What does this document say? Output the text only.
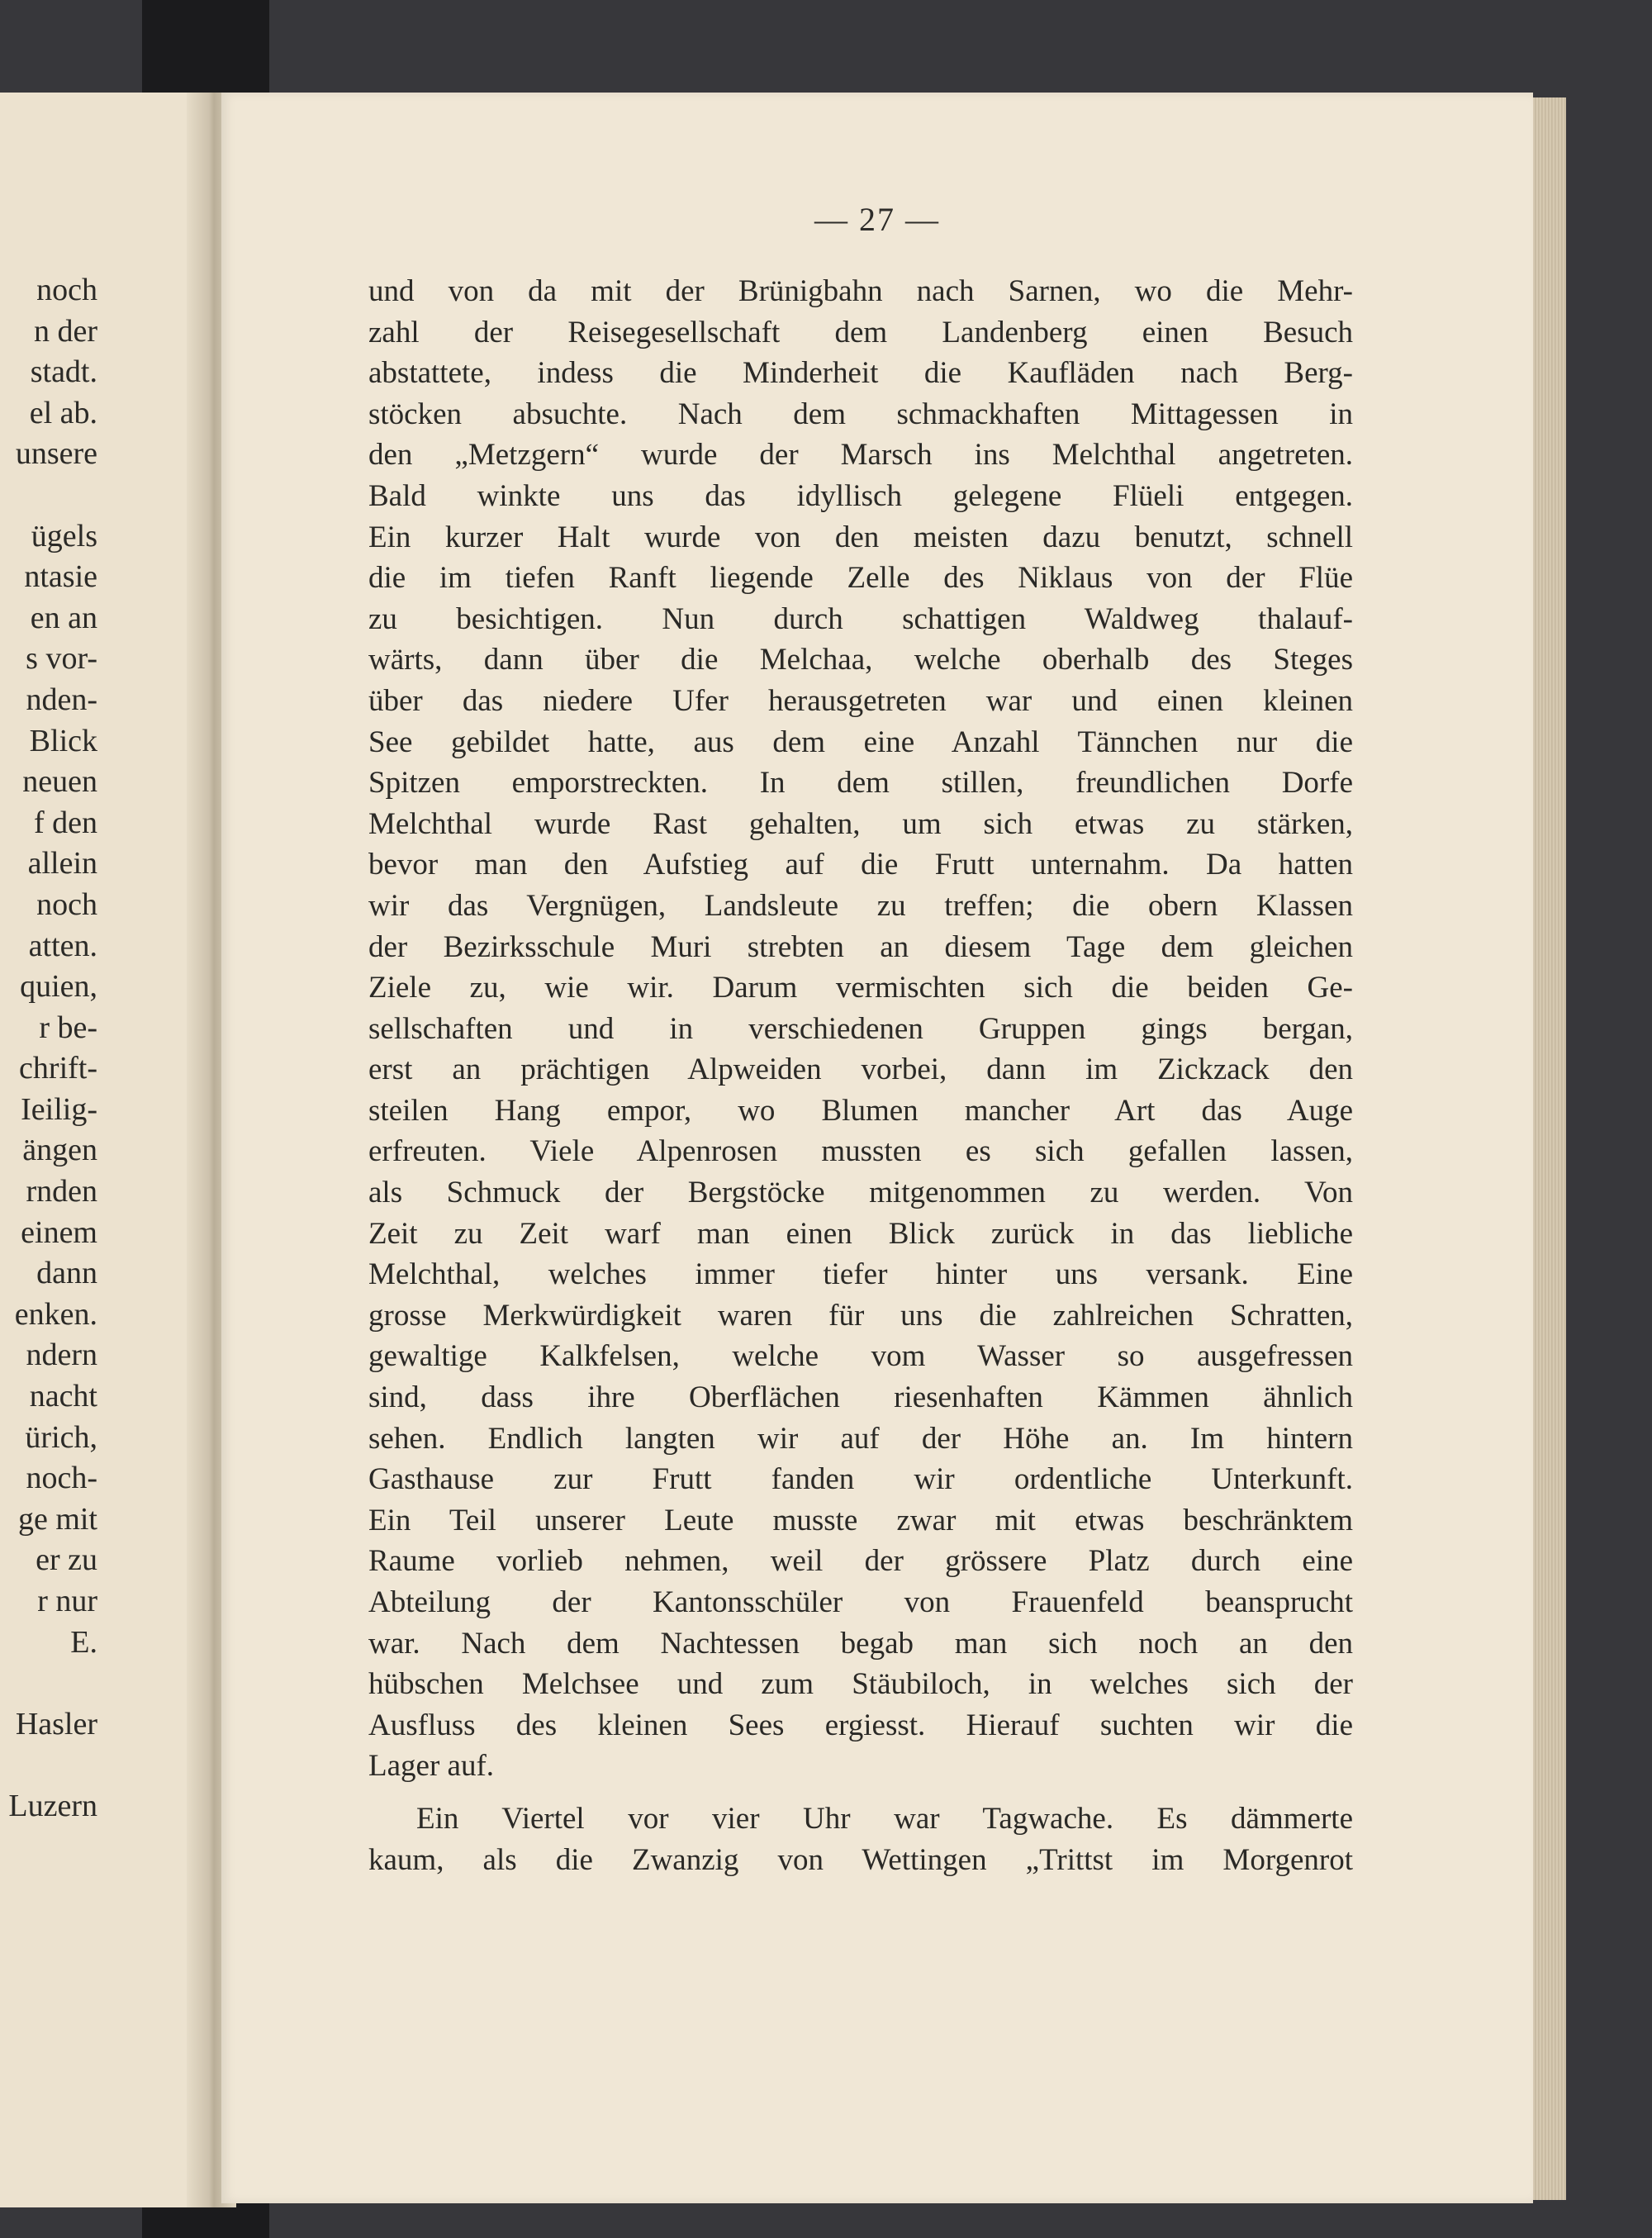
noch
n der
stadt.
el ab.
unsere
ügels
ntasie
en an
s vor-
nden-
Blick
neuen
f den
allein
noch
atten.
quien,
r be-
chrift-
Ieilig-
ängen
rnden
einem
dann
enken.
ndern
nacht
ürich,
noch-
ge mit
er zu
r nur
E.
Hasler
Luzern
— 27 —
und von da mit der Brünigbahn nach Sarnen, wo die Mehr-
zahl der Reisegesellschaft dem Landenberg einen Besuch
abstattete, indess die Minderheit die Kaufläden nach Berg-
stöcken absuchte. Nach dem schmackhaften Mittagessen in
den „Metzgern“ wurde der Marsch ins Melchthal angetreten.
Bald winkte uns das idyllisch gelegene Flüeli entgegen.
Ein kurzer Halt wurde von den meisten dazu benutzt, schnell
die im tiefen Ranft liegende Zelle des Niklaus von der Flüe
zu besichtigen. Nun durch schattigen Waldweg thalauf-
wärts, dann über die Melchaa, welche oberhalb des Steges
über das niedere Ufer herausgetreten war und einen kleinen
See gebildet hatte, aus dem eine Anzahl Tännchen nur die
Spitzen emporstreckten. In dem stillen, freundlichen Dorfe
Melchthal wurde Rast gehalten, um sich etwas zu stärken,
bevor man den Aufstieg auf die Frutt unternahm. Da hatten
wir das Vergnügen, Landsleute zu treffen; die obern Klassen
der Bezirksschule Muri strebten an diesem Tage dem gleichen
Ziele zu, wie wir. Darum vermischten sich die beiden Ge-
sellschaften und in verschiedenen Gruppen gings bergan,
erst an prächtigen Alpweiden vorbei, dann im Zickzack den
steilen Hang empor, wo Blumen mancher Art das Auge
erfreuten. Viele Alpenrosen mussten es sich gefallen lassen,
als Schmuck der Bergstöcke mitgenommen zu werden. Von
Zeit zu Zeit warf man einen Blick zurück in das liebliche
Melchthal, welches immer tiefer hinter uns versank. Eine
grosse Merkwürdigkeit waren für uns die zahlreichen Schratten,
gewaltige Kalkfelsen, welche vom Wasser so ausgefressen
sind, dass ihre Oberflächen riesenhaften Kämmen ähnlich
sehen. Endlich langten wir auf der Höhe an. Im hintern
Gasthause zur Frutt fanden wir ordentliche Unterkunft.
Ein Teil unserer Leute musste zwar mit etwas beschränktem
Raume vorlieb nehmen, weil der grössere Platz durch eine
Abteilung der Kantonsschüler von Frauenfeld beansprucht
war. Nach dem Nachtessen begab man sich noch an den
hübschen Melchsee und zum Stäubiloch, in welches sich der
Ausfluss des kleinen Sees ergiesst. Hierauf suchten wir die
Lager auf.
Ein Viertel vor vier Uhr war Tagwache. Es dämmerte
kaum, als die Zwanzig von Wettingen „Trittst im Morgenrot
